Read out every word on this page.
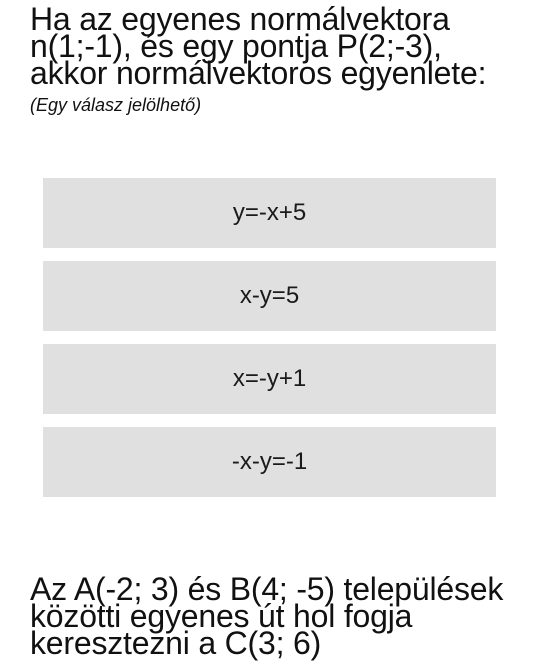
Ha az egyenes normálvektora n(1;-1), és egy pontja P(2;-3), akkor normálvektoros egyenlete: (Egy válasz jelölhető)

y=-x+5
x-y=5
x=-y+1
-x-y=-1

Az A(-2; 3) és B(4; -5) települések közötti egyenes út hol fogja keresztezni a C(3; 6)
